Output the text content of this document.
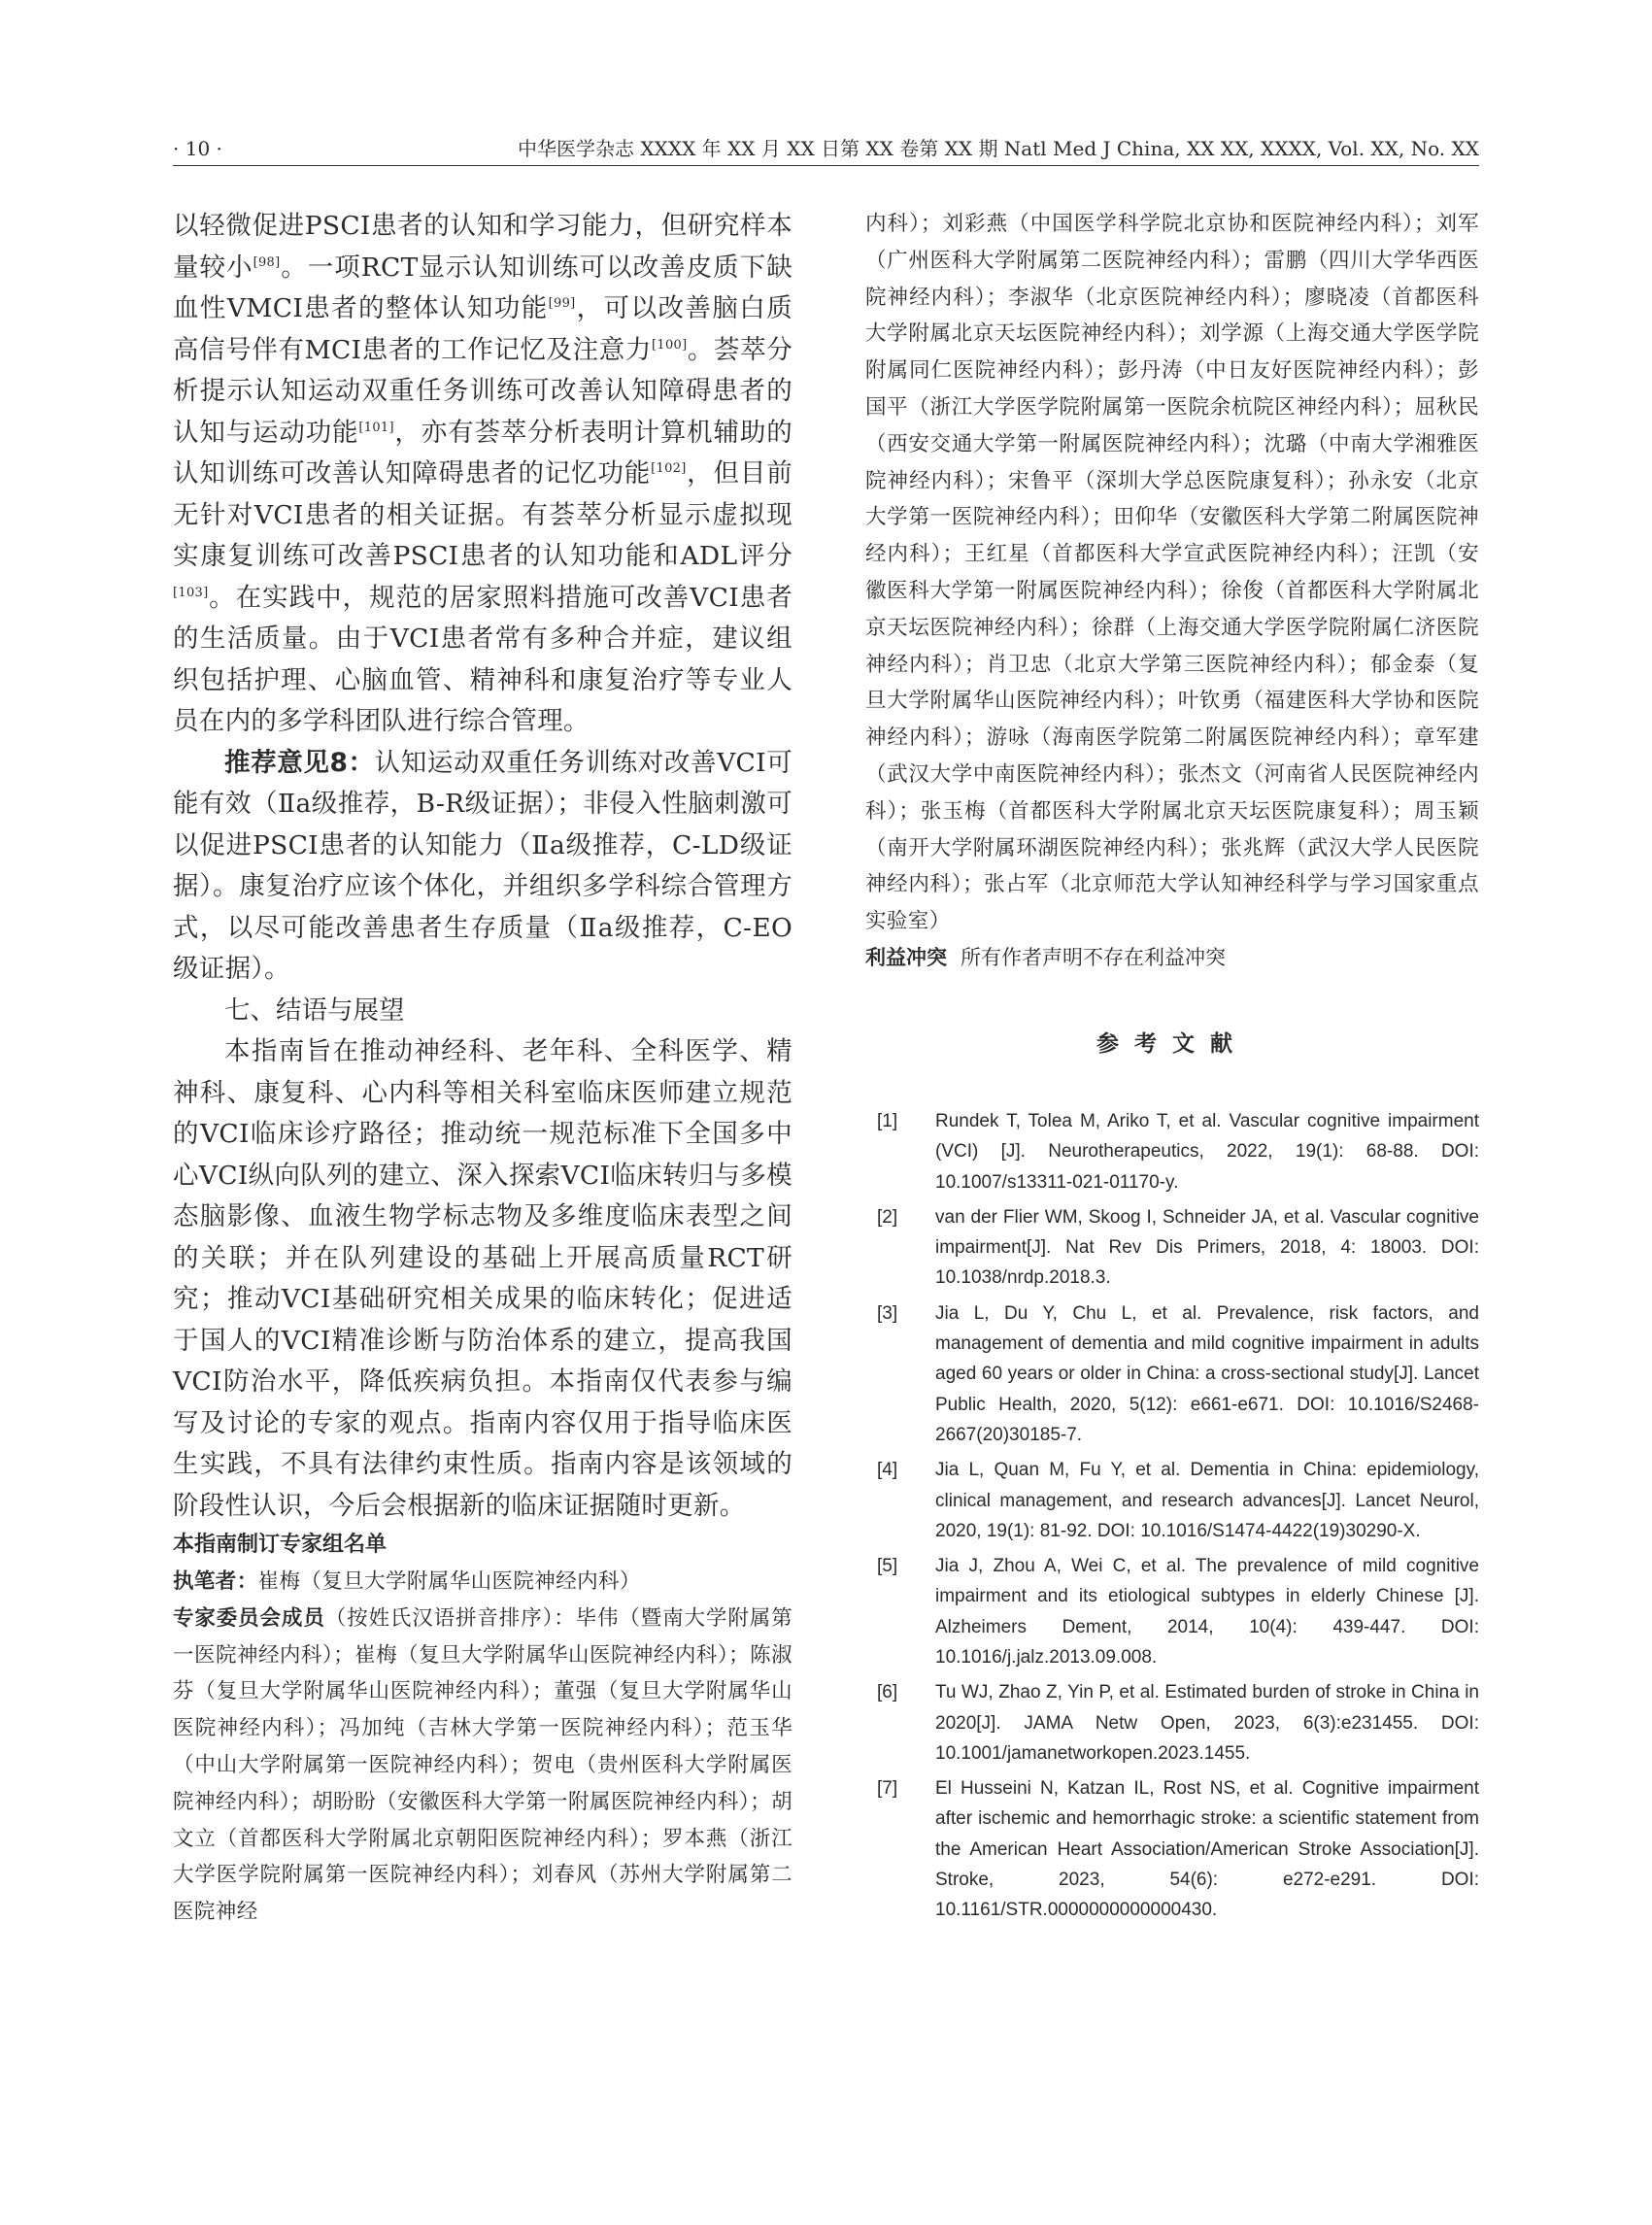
· 10 ·	中华医学杂志 XXXX 年 XX 月 XX 日第 XX 卷第 XX 期 Natl Med J China, XX XX, XXXX, Vol. XX, No. XX

以轻微促进PSCI患者的认知和学习能力，但研究样本量较小[98]。一项RCT显示认知训练可以改善皮质下缺血性VMCI患者的整体认知功能[99]，可以改善脑白质高信号伴有MCI患者的工作记忆及注意力[100]。荟萃分析提示认知运动双重任务训练可改善认知障碍患者的认知与运动功能[101]，亦有荟萃分析表明计算机辅助的认知训练可改善认知障碍患者的记忆功能[102]，但目前无针对VCI患者的相关证据。有荟萃分析显示虚拟现实康复训练可改善PSCI患者的认知功能和ADL评分[103]。在实践中，规范的居家照料措施可改善VCI患者的生活质量。由于VCI患者常有多种合并症，建议组织包括护理、心脑血管、精神科和康复治疗等专业人员在内的多学科团队进行综合管理。

推荐意见8：认知运动双重任务训练对改善VCI可能有效（Ⅱa级推荐，B-R级证据）；非侵入性脑刺激可以促进PSCI患者的认知能力（Ⅱa级推荐，C-LD级证据）。康复治疗应该个体化，并组织多学科综合管理方式，以尽可能改善患者生存质量（Ⅱa级推荐，C-EO级证据）。

七、结语与展望

本指南旨在推动神经科、老年科、全科医学、精神科、康复科、心内科等相关科室临床医师建立规范的VCI临床诊疗路径；推动统一规范标准下全国多中心VCI纵向队列的建立、深入探索VCI临床转归与多模态脑影像、血液生物学标志物及多维度临床表型之间的关联；并在队列建设的基础上开展高质量RCT研究；推动VCI基础研究相关成果的临床转化；促进适于国人的VCI精准诊断与防治体系的建立，提高我国VCI防治水平，降低疾病负担。本指南仅代表参与编写及讨论的专家的观点。指南内容仅用于指导临床医生实践，不具有法律约束性质。指南内容是该领域的阶段性认识，今后会根据新的临床证据随时更新。

本指南制订专家组名单

执笔者：崔梅（复旦大学附属华山医院神经内科）

专家委员会成员（按姓氏汉语拼音排序）：毕伟（暨南大学附属第一医院神经内科）；崔梅（复旦大学附属华山医院神经内科）；陈淑芬（复旦大学附属华山医院神经内科）；董强（复旦大学附属华山医院神经内科）；冯加纯（吉林大学第一医院神经内科）；范玉华（中山大学附属第一医院神经内科）；贺电（贵州医科大学附属医院神经内科）；胡盼盼（安徽医科大学第一附属医院神经内科）；胡文立（首都医科大学附属北京朝阳医院神经内科）；罗本燕（浙江大学医学院附属第一医院神经内科）；刘春风（苏州大学附属第二医院神经

内科）；刘彩燕（中国医学科学院北京协和医院神经内科）；刘军（广州医科大学附属第二医院神经内科）；雷鹏（四川大学华西医院神经内科）；李淑华（北京医院神经内科）；廖晓凌（首都医科大学附属北京天坛医院神经内科）；刘学源（上海交通大学医学院附属同仁医院神经内科）；彭丹涛（中日友好医院神经内科）；彭国平（浙江大学医学院附属第一医院余杭院区神经内科）；屈秋民（西安交通大学第一附属医院神经内科）；沈璐（中南大学湘雅医院神经内科）；宋鲁平（深圳大学总医院康复科）；孙永安（北京大学第一医院神经内科）；田仰华（安徽医科大学第二附属医院神经内科）；王红星（首都医科大学宣武医院神经内科）；汪凯（安徽医科大学第一附属医院神经内科）；徐俊（首都医科大学附属北京天坛医院神经内科）；徐群（上海交通大学医学院附属仁济医院神经内科）；肖卫忠（北京大学第三医院神经内科）；郁金泰（复旦大学附属华山医院神经内科）；叶钦勇（福建医科大学协和医院神经内科）；游咏（海南医学院第二附属医院神经内科）；章军建（武汉大学中南医院神经内科）；张杰文（河南省人民医院神经内科）；张玉梅（首都医科大学附属北京天坛医院康复科）；周玉颖（南开大学附属环湖医院神经内科）；张兆辉（武汉大学人民医院神经内科）；张占军（北京师范大学认知神经科学与学习国家重点实验室）

利益冲突 所有作者声明不存在利益冲突

参考文献
[1] Rundek T, Tolea M, Ariko T, et al. Vascular cognitive impairment (VCI) [J]. Neurotherapeutics, 2022, 19(1): 68-88. DOI: 10.1007/s13311-021-01170-y.
[2] van der Flier WM, Skoog I, Schneider JA, et al. Vascular cognitive impairment[J]. Nat Rev Dis Primers, 2018, 4: 18003. DOI: 10.1038/nrdp.2018.3.
[3] Jia L, Du Y, Chu L, et al. Prevalence, risk factors, and management of dementia and mild cognitive impairment in adults aged 60 years or older in China: a cross-sectional study[J]. Lancet Public Health, 2020, 5(12): e661-e671. DOI: 10.1016/S2468-2667(20)30185-7.
[4] Jia L, Quan M, Fu Y, et al. Dementia in China: epidemiology, clinical management, and research advances[J]. Lancet Neurol, 2020, 19(1): 81-92. DOI: 10.1016/S1474-4422(19)30290-X.
[5] Jia J, Zhou A, Wei C, et al. The prevalence of mild cognitive impairment and its etiological subtypes in elderly Chinese [J]. Alzheimers Dement, 2014, 10(4): 439-447. DOI: 10.1016/j.jalz.2013.09.008.
[6] Tu WJ, Zhao Z, Yin P, et al. Estimated burden of stroke in China in 2020[J]. JAMA Netw Open, 2023, 6(3):e231455. DOI: 10.1001/jamanetworkopen.2023.1455.
[7] El Husseini N, Katzan IL, Rost NS, et al. Cognitive impairment after ischemic and hemorrhagic stroke: a scientific statement from the American Heart Association/American Stroke Association[J]. Stroke, 2023, 54(6): e272-e291. DOI: 10.1161/STR.0000000000000430.
